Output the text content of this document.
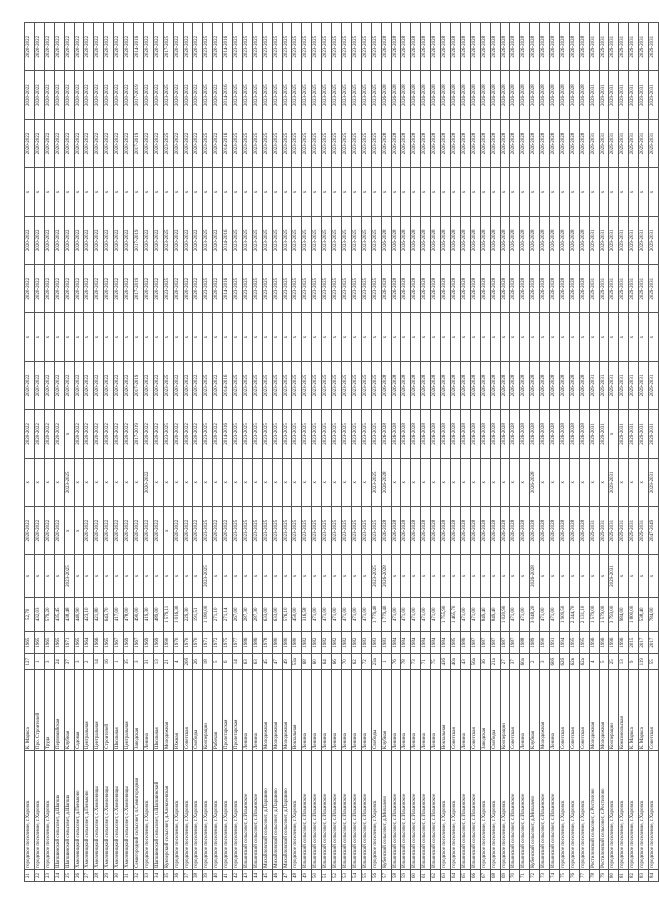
21	городское поселение, г.Харовск	К. Маркса	127	1965	52,70	x	2020-2022	x	2020-2022	2020-2022	x	2020-2022	2020-2022	x	2020-2022	2020-2022	2020-2022
22	городское поселение, г.Харовск	Про. Строителей	1	1965	432,03	x	2020-2022	x	2020-2022	2020-2022	x	2020-2022	2020-2022	x	2020-2022	2020-2022	2020-2022
23	городское поселение, г.Харовск	Труда	3	1965	579,20	x	2020-2022	x	2020-2022	2020-2022	x	2020-2022	2020-2022	x	2020-2022	2020-2022	2020-2022
24	Шапшинский сельсовет, д.Шапша	Первомайская	24	1965	435,45	x	2020-2022	x	2020-2022	2020-2022	x	2020-2022	2020-2022	x	2020-2022	2020-2022	2020-2022
25	Шапшинский сельсовет, д.Шапша	Клубная	37	1971	438,48	2023-2025	x	2023-2025	x	2020-2022	x	2020-2022	2020-2022	x	2020-2022	2020-2022	2020-2022
26	Хмелевицкий сельсовет, д.Пеньково	Садовая	3	1965	440,90	x	x	x	2020-2022	2020-2022	x	2020-2022	2020-2022	x	2020-2022	2020-2022	2020-2022
27	Хмелевицкий сельсовет, д.Пеньково	Центральная	2	1964	423,10	x	2020-2022	x	2020-2022	2020-2022	x	2020-2022	2020-2022	x	2020-2022	2020-2022	2020-2022
28	Хмелевицкий сельсовет, с.Хмелевицы	Центральная	14	1966	421,80	x	2020-2022	x	2020-2022	2020-2022	x	2020-2022	2020-2022	x	2020-2022	2020-2022	2020-2022
29	Хмелевицкий сельсовет, с.Хмелевицы	Строителей	16	1965	643,70	x	2020-2022	x	2020-2022	2020-2022	x	2020-2022	2020-2022	x	2020-2022	2020-2022	2020-2022
30	Хмелевицкий сельсовет, с.Хмелевицы	Школьная	1	1967	417,00	x	2020-2022	x	2020-2022	2020-2022	x	2020-2022	2020-2022	x	2020-2022	2020-2022	2020-2022
31	Хмелевицкий сельсовет, с.Хмелевицы	Центральная	35	1969	478,00	x	2020-2022	x	2020-2022	2020-2022	x	2020-2022	2020-2022	x	2020-2022	2020-2022	2020-2022
32	Семигородний сельсовет, п.Семигородняя	Заводская	3	1967	490,00	x	2020-2022	x	2017-2019	2017-2019	x	2017-2019	2017-2019	x	2017-2019	2017-2019	2014-2016
33	городское поселение, г.Харовск	Ленина	31	1969	419,30	x	2020-2022	2020-2022	2020-2022	2020-2022	x	2020-2022	2020-2022	x	2020-2022	2020-2022	2020-2022
34	Шапшинский сельсовет, п.Шапшинский	Школьная	13	1969	489,00	x	2020-2022	x	2020-2022	2020-2022	x	2020-2022	2020-2022	x	2020-2022	2020-2022	2020-2022
35	Кумзерский сельсовет, д.Алексеевская	Молодежная	21	1990	1 579,11	x	x	x	2023-2025	2023-2025	x	2023-2025	2023-2025	x	2023-2025	2023-2025	2017-2025
36	городское поселение, г.Харовск	Южная	4	1970	1 016,30	x	2020-2022	x	2020-2022	2020-2022	x	2020-2022	2020-2022	x	2020-2022	2020-2022	2020-2022
37	городское поселение, г.Харовск	Советская	20б	1970	229,30	x	2020-2022	x	2020-2022	2020-2022	x	2020-2022	2020-2022	x	2020-2022	2020-2022	2020-2022
38	городское поселение, г.Харовск	Свободы	26	1970	191,51	x	2020-2022	x	2020-2022	2020-2022	x	2020-2022	2020-2022	x	2020-2022	2020-2022	2020-2022
39	городское поселение, г.Харовск	Кооперации	18	1971	1 180,00	2023-2025	2023-2025	x	2023-2025	2023-2025	x	2023-2025	2023-2025	x	2023-2025	2023-2025	2023-2025
40	городское поселение, г.Харовск	Рабочая	5	1972	271,10	x	2020-2022	x	2020-2022	2020-2022	x	2020-2022	2020-2022	x	2020-2022	2020-2022	2020-2022
41	городское поселение, г.Харовск	Пролетарская	6	1975	271,14	x	2020-2022	x	2014-2016	2014-2016	x	2014-2016	2014-2016	x	2014-2016	2014-2016	2014-2016
42	городское поселение, г.Харовск	Пролетарская	14	1977	267,00	x	2023-2025	x	2023-2025	2023-2025	x	2023-2025	2023-2025	x	2023-2025	2023-2025	2023-2025
43	Ильинский сельсовет, с.Ильинское	Ленина	63	1986	287,30	x	2023-2025	x	2023-2025	2023-2025	x	2023-2025	2023-2025	x	2023-2025	2023-2025	2023-2025
44	Ильинский сельсовет, с.Ильинское	Ленина	63	1986	287,30	x	2023-2025	x	2023-2025	2023-2025	x	2023-2025	2023-2025	x	2023-2025	2023-2025	2023-2025
45	Михайловский сельсовет, д.Паршино	Молодежная	45	1978	633,00	x	2023-2025	x	2023-2025	2023-2025	x	2023-2025	2023-2025	x	2023-2025	2023-2025	2023-2025
46	Михайловский сельсовет, д.Паршино	Молодежная	47	1980	633,00	x	2023-2025	x	2023-2025	2023-2025	x	2023-2025	2023-2025	x	2023-2025	2023-2025	2023-2025
47	Михайловский сельсовет, д.Паршино	Молодежная	49	1980	576,10	x	2023-2025	x	2023-2025	2023-2025	x	2023-2025	2023-2025	x	2023-2025	2023-2025	2023-2025
48	городское поселение, г.Харовск	Вокзальная	53а	1980	450,00	x	2023-2025	x	2023-2025	2023-2025	x	2023-2025	2023-2025	x	2023-2025	2023-2025	2023-2025
49	Ильинский сельсовет, с.Ильинское	Ленина	68	1982	316,58	x	2023-2025	x	2023-2025	2023-2025	x	2023-2025	2023-2025	x	2023-2025	2023-2025	2023-2025
50	Ильинский сельсовет, с.Ильинское	Ленина	60	1982	471,00	x	2023-2025	x	2023-2025	2023-2025	x	2023-2025	2023-2025	x	2023-2025	2023-2025	2023-2025
51	Ильинский сельсовет, с.Ильинское	Ленина	64	1982	471,00	x	2023-2025	x	2023-2025	2023-2025	x	2023-2025	2023-2025	x	2023-2025	2023-2025	2023-2025
52	Ильинский сельсовет, с.Ильинское	Ленина	66	1982	471,00	x	2023-2025	x	2023-2025	2023-2025	x	2023-2025	2023-2025	x	2023-2025	2023-2025	2023-2025
53	Ильинский сельсовет, с.Ильинское	Ленина	70	1982	471,00	x	2023-2025	x	2023-2025	2023-2025	x	2023-2025	2023-2025	x	2023-2025	2023-2025	2023-2025
54	Ильинский сельсовет, с.Ильинское	Ленина	62	1982	471,00	x	2023-2025	x	2023-2025	2023-2025	x	2023-2025	2023-2025	x	2023-2025	2023-2025	2023-2025
55	Ильинский сельсовет, с.Ильинское	Ленина	72	1983	471,00	x	2023-2025	x	2023-2025	2023-2025	x	2023-2025	2023-2025	x	2023-2025	2023-2025	2023-2025
56	городское поселение, г.Харовск	Свободы	23а	1983	1 779,40	2023-2025	2023-2025	2023-2025	2023-2025	2023-2025	x	2023-2025	2023-2025	x	2023-2025	2023-2025	2023-2025
57	Кубенский сельсовет, д.Михалево	Клубная	1	1983	1 779,40	2026-2028	2026-2028	2026-2028	2026-2028	2026-2028	x	2026-2028	2026-2028	x	2026-2028	2026-2028	2026-2028
58	Ильинский сельсовет, с.Ильинское	Ленина	76	1984	471,00	x	2026-2028	x	2026-2028	2026-2028	x	2026-2028	2026-2028	x	2026-2028	2026-2028	2026-2028
59	Ильинский сельсовет, с.Ильинское	Ленина	78	1984	471,00	x	2026-2028	x	2026-2028	2026-2028	x	2026-2028	2026-2028	x	2026-2028	2026-2028	2026-2028
60	Ильинский сельсовет, с.Ильинское	Ленина	73	1984	471,00	x	2026-2028	x	2026-2028	2026-2028	x	2026-2028	2026-2028	x	2026-2028	2026-2028	2026-2028
61	Ильинский сельсовет, с.Ильинское	Ленина	71	1984	471,00	x	2026-2028	x	2026-2028	2026-2028	x	2026-2028	2026-2028	x	2026-2028	2026-2028	2026-2028
62	Ильинский сельсовет, с.Ильинское	Ленина	75	1984	471,00	x	2026-2028	x	2026-2028	2026-2028	x	2026-2028	2026-2028	x	2026-2028	2026-2028	2026-2028
63	городское поселение, г.Харовск	Вокзальная	43б	1984	1 755,90	x	2026-2028	x	2026-2028	2026-2028	x	2026-2028	2026-2028	x	2026-2028	2026-2028	2026-2028
64	городское поселение, г.Харовск	Советская	40а	1985	1 465,70	x	2026-2028	x	2026-2028	2026-2028	x	2026-2028	2026-2028	x	2026-2028	2026-2028	2026-2028
65	Ильинский сельсовет, с.Ильинское	Ленина	43	1986	471,00	x	2026-2028	x	2026-2028	2026-2028	x	2026-2028	2026-2028	x	2026-2028	2026-2028	2026-2028
66	Ильинский сельсовет, с.Ильинское	Советская	56а	1987	471,00	x	2026-2028	x	2026-2028	2026-2028	x	2026-2028	2026-2028	x	2026-2028	2026-2028	2026-2028
67	городское поселение, г.Харовск	Заводская	36	1987	849,40	x	2026-2028	x	2026-2028	2026-2028	x	2026-2028	2026-2028	x	2026-2028	2026-2028	2026-2028
68	городское поселение, г.Харовск	Свободы	21а	1987	849,40	x	2026-2028	x	2026-2028	2026-2028	x	2026-2028	2026-2028	x	2026-2028	2026-2028	2026-2028
69	городское поселение, г.Харовск	Кооперации	27	1987	1 020,90	x	2026-2028	x	2026-2028	2026-2028	x	2026-2028	2026-2028	x	2026-2028	2026-2028	2026-2028
70	Ильинский сельсовет, с.Ильинское	Советская	37	1987	471,00	x	2026-2028	x	2026-2028	2026-2028	x	2026-2028	2026-2028	x	2026-2028	2026-2028	2026-2028
71	Ильинский сельсовет, с.Ильинское	Ленина	60а	1988	471,00	x	2026-2028	x	2026-2028	2026-2028	x	2026-2028	2026-2028	x	2026-2028	2026-2028	2026-2028
72	Кубенский сельсовет, д.Михалево	Клубная	2	1989	3 048,20	2026-2028	2026-2028	2026-2028	2026-2028	2026-2028	x	2026-2028	2026-2028	x	2026-2028	2026-2028	2026-2028
73	Ильинский сельсовет, с.Ильинское	Молодежная	3	1990	471,00	x	2026-2028	x	2026-2028	2026-2028	x	2026-2028	2026-2028	x	2026-2028	2026-2028	2026-2028
74	Ильинский сельсовет, с.Ильинское	Ленина	60б	1991	471,00	x	2026-2028	x	2026-2028	2026-2028	x	2026-2028	2026-2028	x	2026-2028	2026-2028	2026-2028
75	городское поселение, г.Харовск	Советская	62б	1994	1 909,50	x	2026-2028	x	2026-2028	2026-2028	x	2026-2028	2026-2028	x	2026-2028	2026-2028	2026-2028
76	городское поселение, г.Харовск	Советская	62в	1995	2 244,70	x	2026-2028	x	2026-2028	2026-2028	x	2026-2028	2026-2028	x	2026-2028	2026-2028	2026-2028
77	городское поселение, г.Харовск	Советская	62а	1995	2 131,10	x	2026-2028	x	2026-2028	2026-2028	x	2026-2028	2026-2028	x	2026-2028	2026-2028	2026-2028
78	Ростиловский сельсовет, с.Ростилово	Молодежная	4	1996	1 579,00	x	2029-2031	x	2029-2031	2029-2031	x	2029-2031	2029-2031	x	2029-2031	2029-2031	2029-2031
79	Ростиловский сельсовет, с.Ростилово	Молодежная	5	1996	1 579,00	x	2029-2031	x	2029-2031	2029-2031	x	2029-2031	2029-2031	x	2029-2031	2029-2031	2029-2031
80	городское поселение, г.Харовск	Кооперации	25	1996	3 793,00	2029-2031	2029-2031	2029-2031	x	2029-2031	x	2029-2031	2029-2031	x	2029-2031	2029-2031	2029-2031
81	городское поселение, г.Харовск	Комсомольская	13	1996	984,00	x	2029-2031	x	2029-2031	2029-2031	x	2029-2031	2029-2031	x	2029-2031	2029-2031	2029-2031
82	городское поселение, г.Харовск	К. Маркса	9	2015	1 800,00	x	2029-2031	x	2029-2031	2029-2031	x	2029-2031	2029-2031	x	2029-2031	2029-2031	2029-2031
83	городское поселение, г.Харовск	К. Маркса	119	2017	538,40	x	2029-2031	x	2029-2031	2029-2031	x	2029-2031	2029-2031	x	2029-2031	2029-2031	2029-2031
84	городское поселение, г.Харовск	Советская	55	2017	784,00	x	2047-2049	2029-2031	2029-2031	2029-2031	x	2029-2031	2029-2031	x	2029-2031	2029-2031	2029-2031
